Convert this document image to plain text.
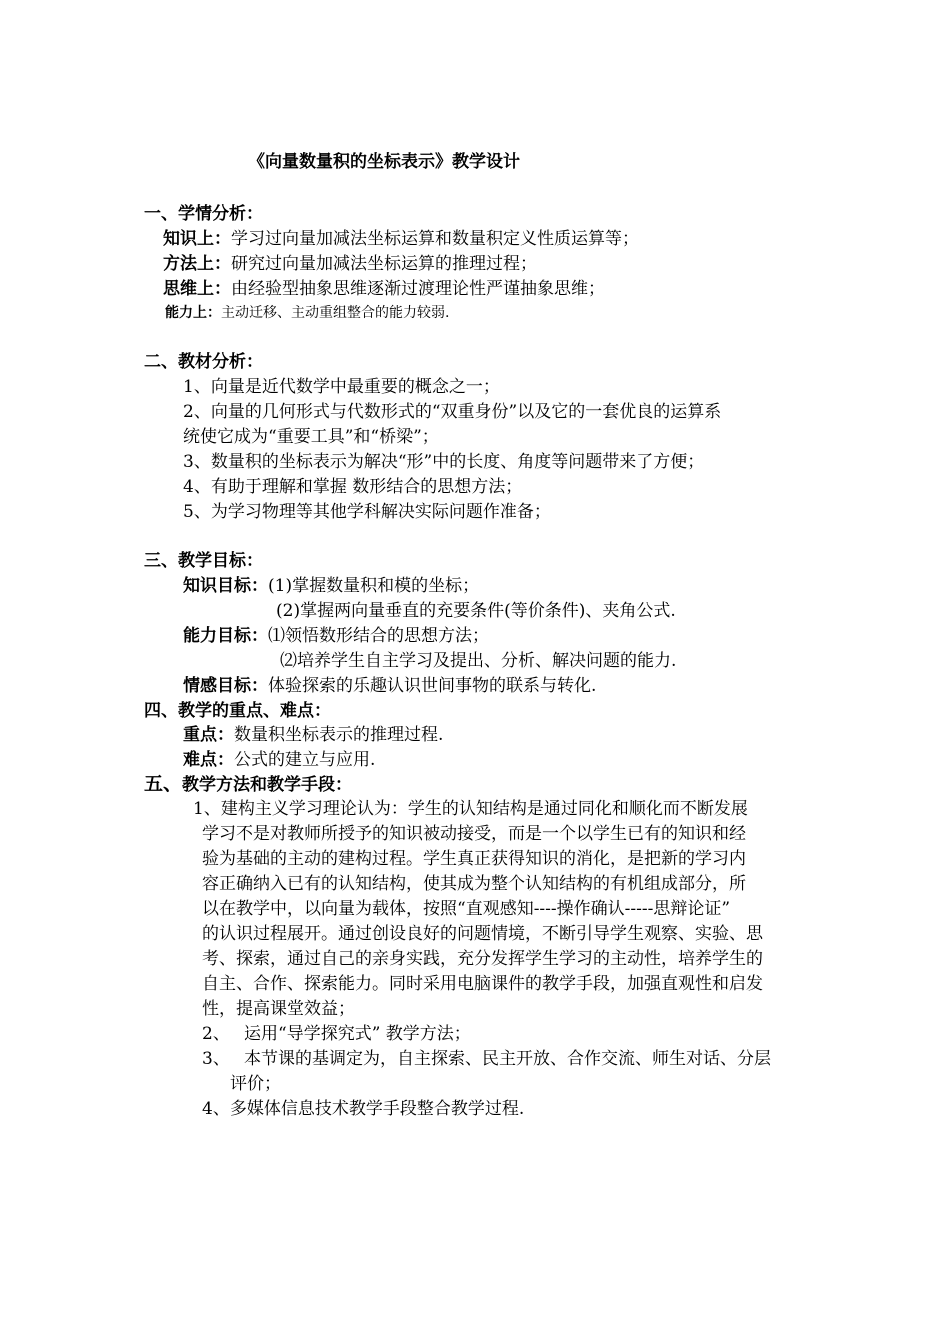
《向量数量积的坐标表示》教学设计
一、学情分析：
知识上：学习过向量加减法坐标运算和数量积定义性质运算等；
方法上：研究过向量加减法坐标运算的推理过程；
思维上：由经验型抽象思维逐渐过渡理论性严谨抽象思维；
能力上：主动迁移、主动重组整合的能力较弱.
二、教材分析：
1、向量是近代数学中最重要的概念之一；
2、向量的几何形式与代数形式的“双重身份”以及它的一套优良的运算系
统使它成为“重要工具”和“桥梁”；
3、数量积的坐标表示为解决“形”中的长度、角度等问题带来了方便；
4、有助于理解和掌握 数形结合的思想方法；
5、为学习物理等其他学科解决实际问题作准备；
三、教学目标：
知识目标：(1)掌握数量积和模的坐标；
(2)掌握两向量垂直的充要条件(等价条件)、夹角公式.
能力目标：⑴领悟数形结合的思想方法；
⑵培养学生自主学习及提出、分析、解决问题的能力.
情感目标：体验探索的乐趣认识世间事物的联系与转化.
四、教学的重点、难点：
重点：数量积坐标表示的推理过程.
难点：公式的建立与应用.
五、教学方法和教学手段：
1、建构主义学习理论认为：学生的认知结构是通过同化和顺化而不断发展
学习不是对教师所授予的知识被动接受，而是一个以学生已有的知识和经
验为基础的主动的建构过程。学生真正获得知识的消化，是把新的学习内
容正确纳入已有的认知结构，使其成为整个认知结构的有机组成部分，所
以在教学中，以向量为载体，按照“直观感知----操作确认-----思辩论证”
的认识过程展开。通过创设良好的问题情境，不断引导学生观察、实验、思
考、探索，通过自己的亲身实践，充分发挥学生学习的主动性，培养学生的
自主、合作、探索能力。同时采用电脑课件的教学手段，加强直观性和启发
性，提高课堂效益；
2、 运用“导学探究式” 教学方法；
3、 本节课的基调定为，自主探索、民主开放、合作交流、师生对话、分层
评价；
4、多媒体信息技术教学手段整合教学过程.
